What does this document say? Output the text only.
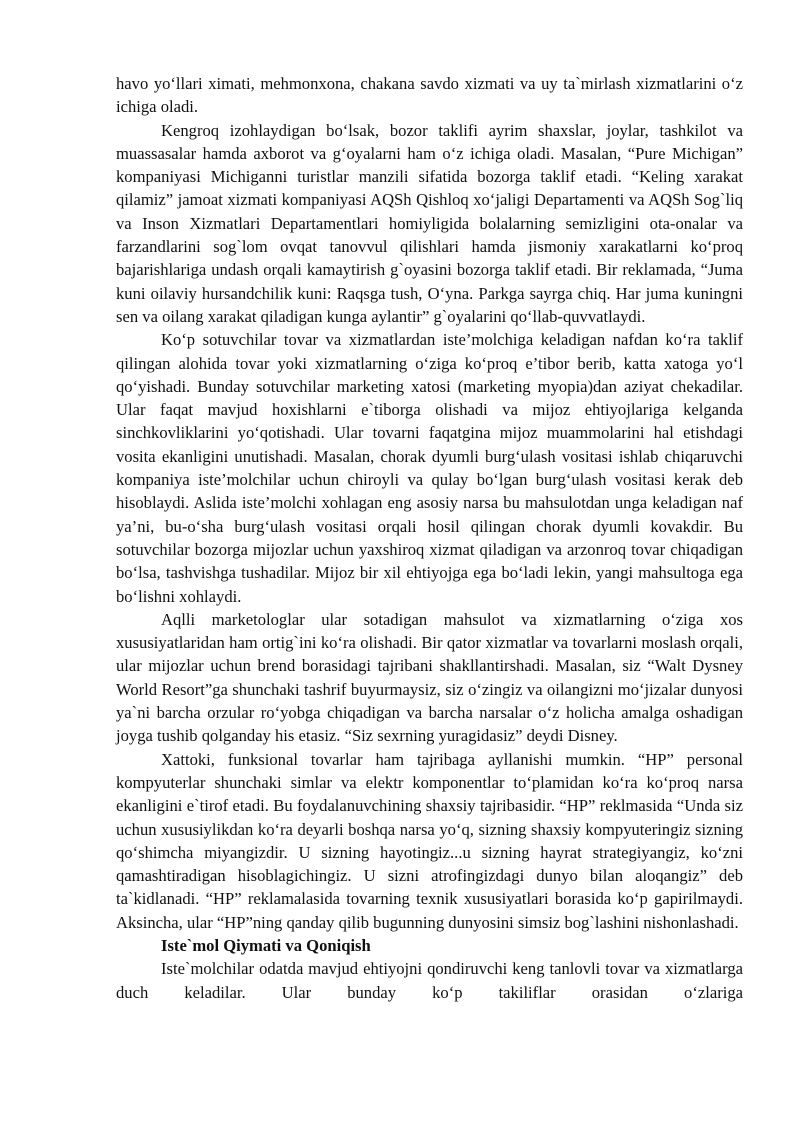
havo yo‘llari ximati, mehmonxona, chakana savdo xizmati va uy ta`mirlash xizmatlarini o‘z ichiga oladi.

Kengroq izohlaydigan bo‘lsak, bozor taklifi ayrim shaxslar, joylar, tashkilot va muassasalar hamda axborot va g‘oyalarni ham o‘z ichiga oladi. Masalan, “Pure Michigan” kompaniyasi Michiganni turistlar manzili sifatida bozorga taklif etadi. “Keling xarakat qilamiz” jamoat xizmati kompaniyasi AQSh Qishloq xo‘jaligi Departamenti va AQSh Sog`liq va Inson Xizmatlari Departamentlari homiyligida bolalarning semizligini ota-onalar va farzandlarini sog`lom ovqat tanovvul qilishlari hamda jismoniy xarakatlarni ko‘proq bajarishlariga undash orqali kamaytirish g`oyasini bozorga taklif etadi. Bir reklamada, “Juma kuni oilaviy hursandchilik kuni: Raqsga tush, O‘yna. Parkga sayrga chiq. Har juma kuningni sen va oilang xarakat qiladigan kunga aylantir” g`oyalarini qo‘llab-quvvatlaydi.

Ko‘p sotuvchilar tovar va xizmatlardan iste’molchiga keladigan nafdan ko‘ra taklif qilingan alohida tovar yoki xizmatlarning o‘ziga ko‘proq e’tibor berib, katta xatoga yo‘l qo‘yishadi. Bunday sotuvchilar marketing xatosi (marketing myopia)dan aziyat chekadilar. Ular faqat mavjud hoxishlarni e`tiborga olishadi va mijoz ehtiyojlariga kelganda sinchkovliklarini yo‘qotishadi. Ular tovarni faqatgina mijoz muammolarini hal etishdagi vosita ekanligini unutishadi. Masalan, chorak dyumli burg‘ulash vositasi ishlab chiqaruvchi kompaniya iste’molchilar uchun chiroyli va qulay bo‘lgan burg‘ulash vositasi kerak deb hisoblaydi. Aslida iste’molchi xohlagan eng asosiy narsa bu mahsulotdan unga keladigan naf ya’ni, bu-o‘sha burg‘ulash vositasi orqali hosil qilingan chorak dyumli kovakdir. Bu sotuvchilar bozorga mijozlar uchun yaxshiroq xizmat qiladigan va arzonroq tovar chiqadigan bo‘lsa, tashvishga tushadilar. Mijoz bir xil ehtiyojga ega bo‘ladi lekin, yangi mahsultoga ega bo‘lishni xohlaydi.

Aqlli marketologlar ular sotadigan mahsulot va xizmatlarning o‘ziga xos xususiyatlaridan ham ortig`ini ko‘ra olishadi. Bir qator xizmatlar va tovarlarni moslash orqali, ular mijozlar uchun brend borasidagi tajribani shakllantirshadi. Masalan, siz “Walt Dysney World Resort”ga shunchaki tashrif buyurmaysiz, siz o‘zingiz va oilangizni mo‘jizalar dunyosi ya`ni barcha orzular ro‘yobga chiqadigan va barcha narsalar o‘z holicha amalga oshadigan joyga tushib qolganday his etasiz. “Siz sexrning yuragidasiz” deydi Disney.

Xattoki, funksional tovarlar ham tajribaga ayllanishi mumkin. “HP” personal kompyuterlar shunchaki simlar va elektr komponentlar to‘plamidan ko‘ra ko‘proq narsa ekanligini e`tirof etadi. Bu foydalanuvchining shaxsiy tajribasidir. “HP” reklmasida “Unda siz uchun xususiylikdan ko‘ra deyarli boshqa narsa yo‘q, sizning shaxsiy kompyuteringiz sizning qo‘shimcha miyangizdir. U sizning hayotingiz...u sizning hayrat strategiyangiz, ko‘zni qamashtiradigan hisoblagichingiz. U sizni atrofingizdagi dunyo bilan aloqangiz” deb ta`kidlanadi. “HP” reklamalasida tovarning texnik xususiyatlari borasida ko‘p gapirilmaydi. Aksincha, ular “HP”ning qanday qilib bugunning dunyosini simsiz bog`lashini nishonlashadi.

Iste`mol Qiymati va Qoniqish

Iste`molchilar odatda mavjud ehtiyojni qondiruvchi keng tanlovli tovar va xizmatlarga duch keladilar. Ular bunday ko‘p takiliflar orasidan o‘zlariga
